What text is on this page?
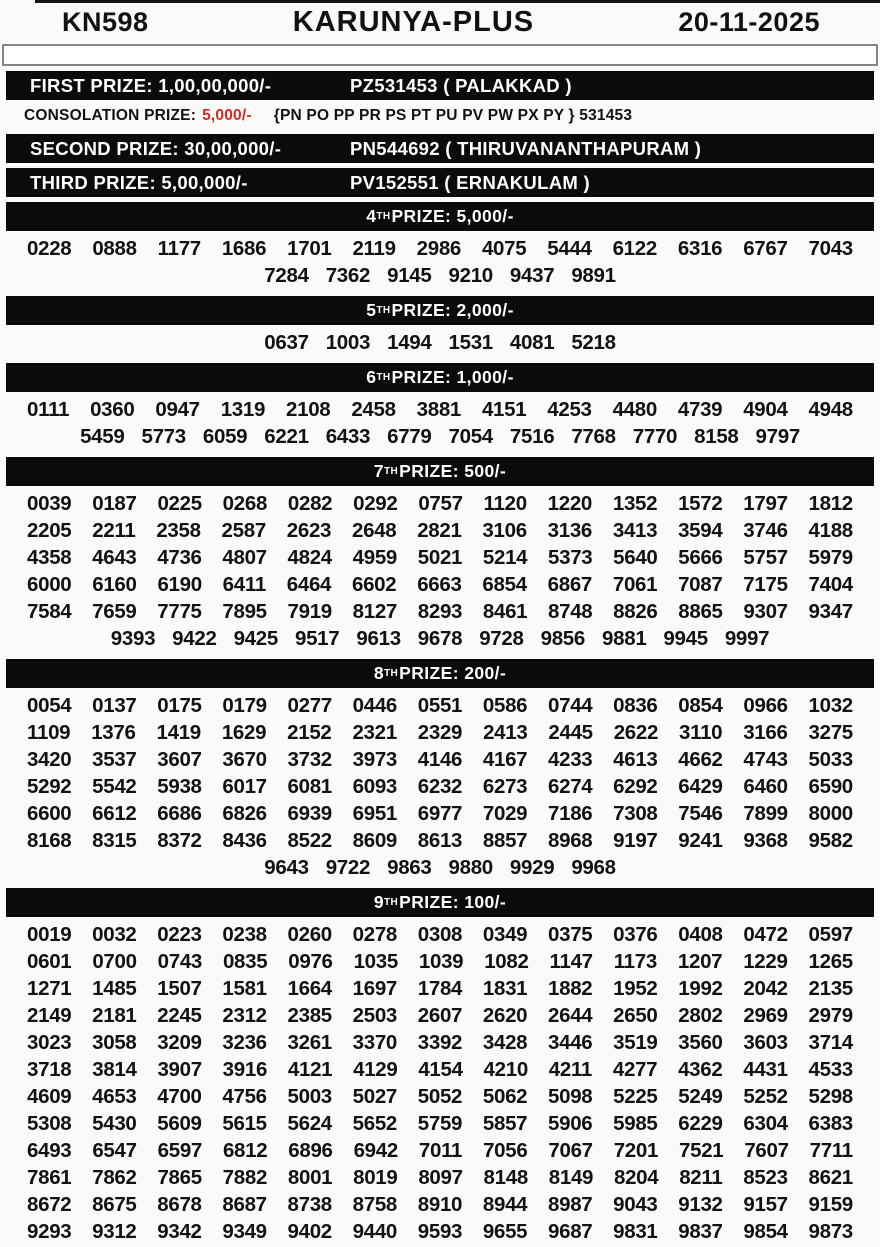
KN598	KARUNYA-PLUS	20-11-2025
FIRST PRIZE: 1,00,00,000/-	PZ531453 ( PALAKKAD )
CONSOLATION PRIZE: 5,000/- {PN PO PP PR PS PT PU PV PW PX PY } 531453
SECOND PRIZE: 30,00,000/-	PN544692 ( THIRUVANANTHAPURAM )
THIRD PRIZE: 5,00,000/-	PV152551 ( ERNAKULAM )
4 TH PRIZE: 5,000/-
0228 0888 1177 1686 1701 2119 2986 4075 5444 6122 6316 6767 7043
7284 7362 9145 9210 9437 9891
5 TH PRIZE: 2,000/-
0637 1003 1494 1531 4081 5218
6 TH PRIZE: 1,000/-
0111 0360 0947 1319 2108 2458 3881 4151 4253 4480 4739 4904 4948
5459 5773 6059 6221 6433 6779 7054 7516 7768 7770 8158 9797
7 TH PRIZE: 500/-
0039 0187 0225 0268 0282 0292 0757 1120 1220 1352 1572 1797 1812
2205 2211 2358 2587 2623 2648 2821 3106 3136 3413 3594 3746 4188
4358 4643 4736 4807 4824 4959 5021 5214 5373 5640 5666 5757 5979
6000 6160 6190 6411 6464 6602 6663 6854 6867 7061 7087 7175 7404
7584 7659 7775 7895 7919 8127 8293 8461 8748 8826 8865 9307 9347
9393 9422 9425 9517 9613 9678 9728 9856 9881 9945 9997
8 TH PRIZE: 200/-
0054 0137 0175 0179 0277 0446 0551 0586 0744 0836 0854 0966 1032
1109 1376 1419 1629 2152 2321 2329 2413 2445 2622 3110 3166 3275
3420 3537 3607 3670 3732 3973 4146 4167 4233 4613 4662 4743 5033
5292 5542 5938 6017 6081 6093 6232 6273 6274 6292 6429 6460 6590
6600 6612 6686 6826 6939 6951 6977 7029 7186 7308 7546 7899 8000
8168 8315 8372 8436 8522 8609 8613 8857 8968 9197 9241 9368 9582
9643 9722 9863 9880 9929 9968
9 TH PRIZE: 100/-
0019 0032 0223 0238 0260 0278 0308 0349 0375 0376 0408 0472 0597
0601 0700 0743 0835 0976 1035 1039 1082 1147 1173 1207 1229 1265
1271 1485 1507 1581 1664 1697 1784 1831 1882 1952 1992 2042 2135
2149 2181 2245 2312 2385 2503 2607 2620 2644 2650 2802 2969 2979
3023 3058 3209 3236 3261 3370 3392 3428 3446 3519 3560 3603 3714
3718 3814 3907 3916 4121 4129 4154 4210 4211 4277 4362 4431 4533
4609 4653 4700 4756 5003 5027 5052 5062 5098 5225 5249 5252 5298
5308 5430 5609 5615 5624 5652 5759 5857 5906 5985 6229 6304 6383
6493 6547 6597 6812 6896 6942 7011 7056 7067 7201 7521 7607 7711
7861 7862 7865 7882 8001 8019 8097 8148 8149 8204 8211 8523 8621
8672 8675 8678 8687 8738 8758 8910 8944 8987 9043 9132 9157 9159
9293 9312 9342 9349 9402 9440 9593 9655 9687 9831 9837 9854 9873
